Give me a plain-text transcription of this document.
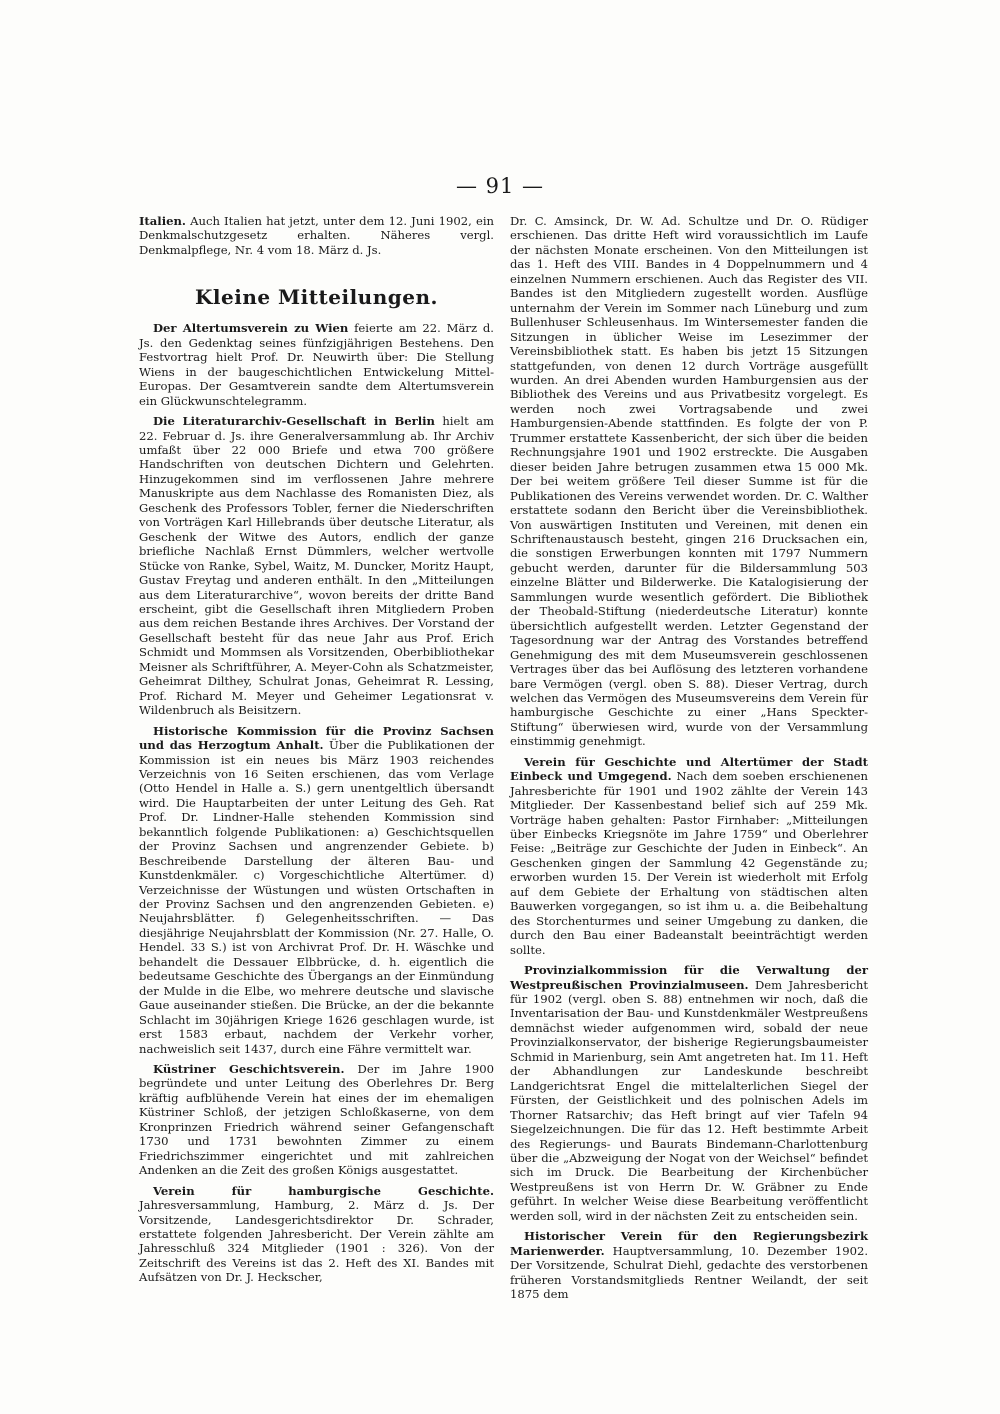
— 91 —

Italien. Auch Italien hat jetzt, unter dem 12. Juni 1902, ein Denkmalschutzgesetz erhalten. Näheres vergl. Denkmalpflege, Nr. 4 vom 18. März d. Js.

Kleine Mitteilungen.

Der Altertumsverein zu Wien feierte am 22. März d. Js. den Gedenktag seines fünfzigjährigen Bestehens. Den Festvortrag hielt Prof. Dr. Neuwirth über: Die Stellung Wiens in der baugeschichtlichen Entwickelung Mittel-Europas. Der Gesamtverein sandte dem Altertumsverein ein Glückwunschtelegramm.

Die Literaturarchiv-Gesellschaft in Berlin hielt am 22. Februar d. Js. ihre Generalversammlung ab. Ihr Archiv umfaßt über 22 000 Briefe und etwa 700 größere Handschriften von deutschen Dichtern und Gelehrten. Hinzugekommen sind im verflossenen Jahre mehrere Manuskripte aus dem Nachlasse des Romanisten Diez, als Geschenk des Professors Tobler, ferner die Niederschriften von Vorträgen Karl Hillebrands über deutsche Literatur, als Geschenk der Witwe des Autors, endlich der ganze briefliche Nachlaß Ernst Dümmlers, welcher wertvolle Stücke von Ranke, Sybel, Waitz, M. Duncker, Moritz Haupt, Gustav Freytag und anderen enthält. In den „Mitteilungen aus dem Literaturarchive“, wovon bereits der dritte Band erscheint, gibt die Gesellschaft ihren Mitgliedern Proben aus dem reichen Bestande ihres Archives. Der Vorstand der Gesellschaft besteht für das neue Jahr aus Prof. Erich Schmidt und Mommsen als Vorsitzenden, Oberbibliothekar Meisner als Schriftführer, A. Meyer-Cohn als Schatzmeister, Geheimrat Dilthey, Schulrat Jonas, Geheimrat R. Lessing, Prof. Richard M. Meyer und Geheimer Legationsrat v. Wildenbruch als Beisitzern.

Historische Kommission für die Provinz Sachsen und das Herzogtum Anhalt. Über die Publikationen der Kommission ist ein neues bis März 1903 reichendes Verzeichnis von 16 Seiten erschienen, das vom Verlage (Otto Hendel in Halle a. S.) gern unentgeltlich übersandt wird. Die Hauptarbeiten der unter Leitung des Geh. Rat Prof. Dr. Lindner-Halle stehenden Kommission sind bekanntlich folgende Publikationen: a) Geschichtsquellen der Provinz Sachsen und angrenzender Gebiete. b) Beschreibende Darstellung der älteren Bau- und Kunstdenkmäler. c) Vorgeschichtliche Altertümer. d) Verzeichnisse der Wüstungen und wüsten Ortschaften in der Provinz Sachsen und den angrenzenden Gebieten. e) Neujahrsblätter. f) Gelegenheitsschriften. — Das diesjährige Neujahrsblatt der Kommission (Nr. 27. Halle, O. Hendel. 33 S.) ist von Archivrat Prof. Dr. H. Wäschke und behandelt die Dessauer Elbbrücke, d. h. eigentlich die bedeutsame Geschichte des Übergangs an der Einmündung der Mulde in die Elbe, wo mehrere deutsche und slavische Gaue auseinander stießen. Die Brücke, an der die bekannte Schlacht im 30jährigen Kriege 1626 geschlagen wurde, ist erst 1583 erbaut, nachdem der Verkehr vorher, nachweislich seit 1437, durch eine Fähre vermittelt war.

Küstriner Geschichtsverein. Der im Jahre 1900 begründete und unter Leitung des Oberlehres Dr. Berg kräftig aufblühende Verein hat eines der im ehemaligen Küstriner Schloß, der jetzigen Schloßkaserne, von dem Kronprinzen Friedrich während seiner Gefangenschaft 1730 und 1731 bewohnten Zimmer zu einem Friedrichszimmer eingerichtet und mit zahlreichen Andenken an die Zeit des großen Königs ausgestattet.

Verein für hamburgische Geschichte. Jahresversammlung, Hamburg, 2. März d. Js. Der Vorsitzende, Landesgerichtsdirektor Dr. Schrader, erstattete folgenden Jahresbericht. Der Verein zählte am Jahresschluß 324 Mitglieder (1901 : 326). Von der Zeitschrift des Vereins ist das 2. Heft des XI. Bandes mit Aufsätzen von Dr. J. Heckscher,

Dr. C. Amsinck, Dr. W. Ad. Schultze und Dr. O. Rüdiger erschienen. Das dritte Heft wird voraussichtlich im Laufe der nächsten Monate erscheinen. Von den Mitteilungen ist das 1. Heft des VIII. Bandes in 4 Doppelnummern und 4 einzelnen Nummern erschienen. Auch das Register des VII. Bandes ist den Mitgliedern zugestellt worden. Ausflüge unternahm der Verein im Sommer nach Lüneburg und zum Bullenhuser Schleusenhaus. Im Wintersemester fanden die Sitzungen in üblicher Weise im Lesezimmer der Vereinsbibliothek statt. Es haben bis jetzt 15 Sitzungen stattgefunden, von denen 12 durch Vorträge ausgefüllt wurden. An drei Abenden wurden Hamburgensien aus der Bibliothek des Vereins und aus Privatbesitz vorgelegt. Es werden noch zwei Vortragsabende und zwei Hamburgensien-Abende stattfinden. Es folgte der von P. Trummer erstattete Kassenbericht, der sich über die beiden Rechnungsjahre 1901 und 1902 erstreckte. Die Ausgaben dieser beiden Jahre betrugen zusammen etwa 15 000 Mk. Der bei weitem größere Teil dieser Summe ist für die Publikationen des Vereins verwendet worden. Dr. C. Walther erstattete sodann den Bericht über die Vereinsbibliothek. Von auswärtigen Instituten und Vereinen, mit denen ein Schriftenaustausch besteht, gingen 216 Drucksachen ein, die sonstigen Erwerbungen konnten mit 1797 Nummern gebucht werden, darunter für die Bildersammlung 503 einzelne Blätter und Bilderwerke. Die Katalogisierung der Sammlungen wurde wesentlich gefördert. Die Bibliothek der Theobald-Stiftung (niederdeutsche Literatur) konnte übersichtlich aufgestellt werden. Letzter Gegenstand der Tagesordnung war der Antrag des Vorstandes betreffend Genehmigung des mit dem Museumsverein geschlossenen Vertrages über das bei Auflösung des letzteren vorhandene bare Vermögen (vergl. oben S. 88). Dieser Vertrag, durch welchen das Vermögen des Museumsvereins dem Verein für hamburgische Geschichte zu einer „Hans Speckter-Stiftung“ überwiesen wird, wurde von der Versammlung einstimmig genehmigt.

Verein für Geschichte und Altertümer der Stadt Einbeck und Umgegend. Nach dem soeben erschienenen Jahresberichte für 1901 und 1902 zählte der Verein 143 Mitglieder. Der Kassenbestand belief sich auf 259 Mk. Vorträge haben gehalten: Pastor Firnhaber: „Mitteilungen über Einbecks Kriegsnöte im Jahre 1759“ und Oberlehrer Feise: „Beiträge zur Geschichte der Juden in Einbeck“. An Geschenken gingen der Sammlung 42 Gegenstände zu; erworben wurden 15. Der Verein ist wiederholt mit Erfolg auf dem Gebiete der Erhaltung von städtischen alten Bauwerken vorgegangen, so ist ihm u. a. die Beibehaltung des Storchenturmes und seiner Umgebung zu danken, die durch den Bau einer Badeanstalt beeinträchtigt werden sollte.

Provinzialkommission für die Verwaltung der Westpreußischen Provinzialmuseen. Dem Jahresbericht für 1902 (vergl. oben S. 88) entnehmen wir noch, daß die Inventarisation der Bau- und Kunstdenkmäler Westpreußens demnächst wieder aufgenommen wird, sobald der neue Provinzialkonservator, der bisherige Regierungsbaumeister Schmid in Marienburg, sein Amt angetreten hat. Im 11. Heft der Abhandlungen zur Landeskunde beschreibt Landgerichtsrat Engel die mittelalterlichen Siegel der Fürsten, der Geistlichkeit und des polnischen Adels im Thorner Ratsarchiv; das Heft bringt auf vier Tafeln 94 Siegelzeichnungen. Die für das 12. Heft bestimmte Arbeit des Regierungs- und Baurats Bindemann-Charlottenburg über die „Abzweigung der Nogat von der Weichsel“ befindet sich im Druck. Die Bearbeitung der Kirchenbücher Westpreußens ist von Herrn Dr. W. Gräbner zu Ende geführt. In welcher Weise diese Bearbeitung veröffentlicht werden soll, wird in der nächsten Zeit zu entscheiden sein.

Historischer Verein für den Regierungsbezirk Marienwerder. Hauptversammlung, 10. Dezember 1902. Der Vorsitzende, Schulrat Diehl, gedachte des verstorbenen früheren Vorstandsmitglieds Rentner Weilandt, der seit 1875 dem
